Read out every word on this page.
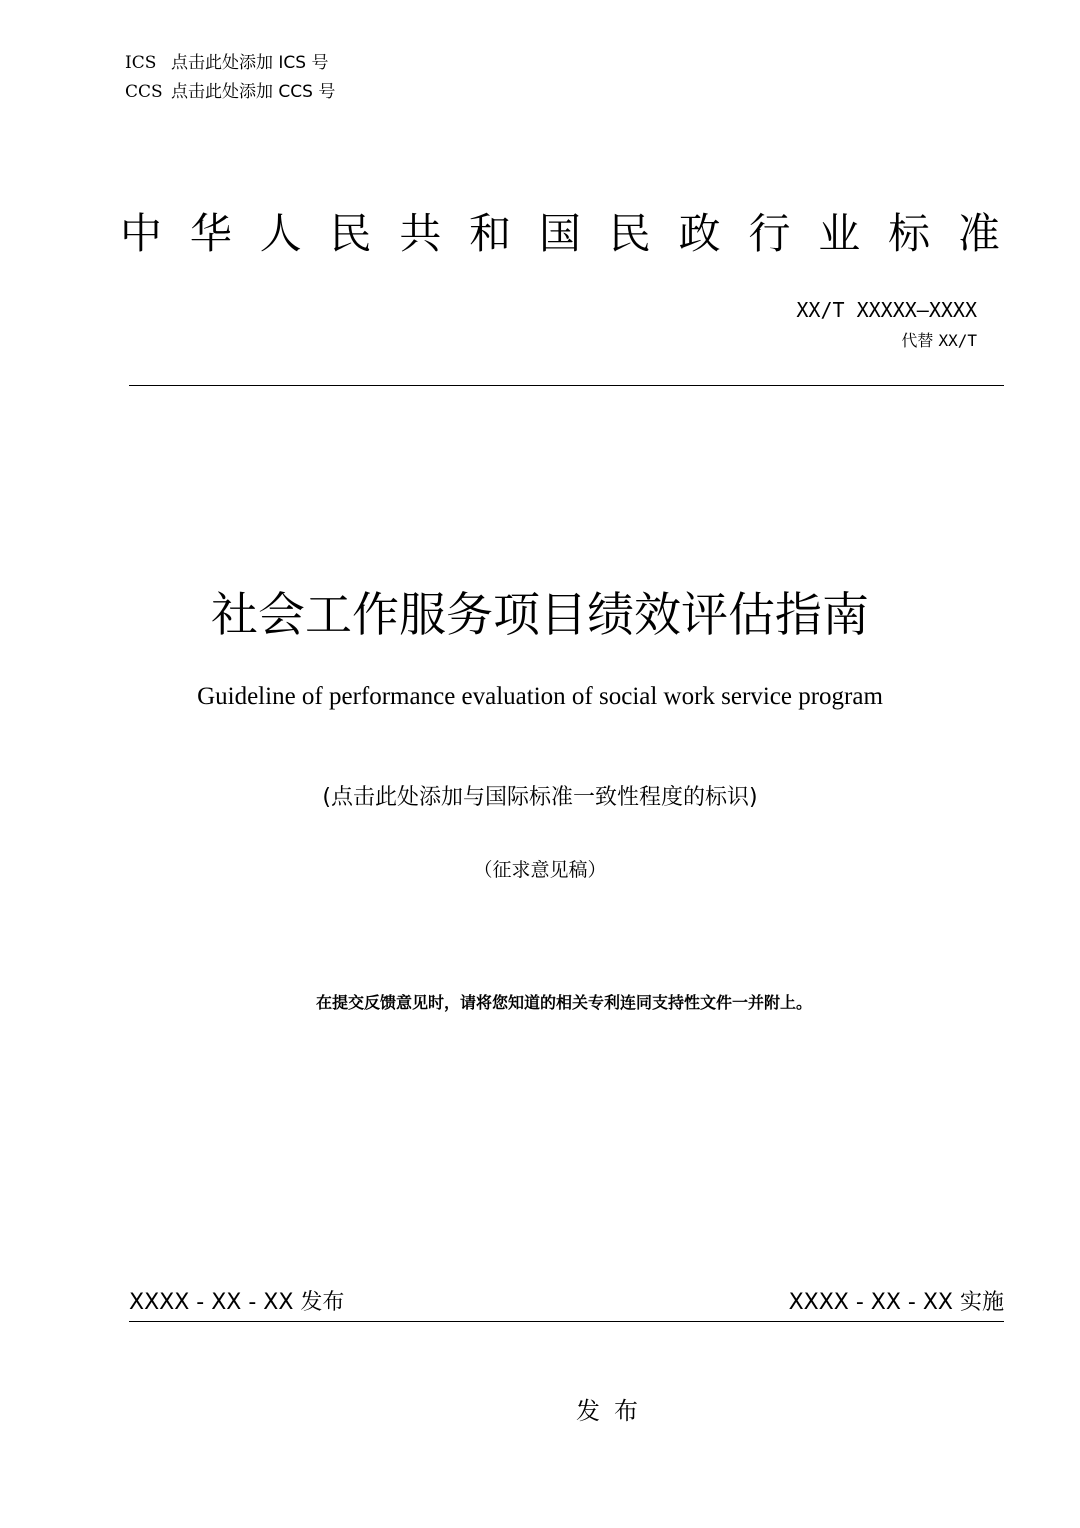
ICS 点击此处添加 ICS 号
CCS 点击此处添加 CCS 号
中 华 人 民 共 和 国 民 政 行 业 标 准
XX/T XXXXX—XXXX
代替 XX/T
社会工作服务项目绩效评估指南
Guideline of performance evaluation of social work service program
(点击此处添加与国际标准一致性程度的标识)
（征求意见稿）
在提交反馈意见时，请将您知道的相关专利连同支持性文件一并附上。
XXXX - XX - XX 发布	XXXX - XX - XX 实施
发布
